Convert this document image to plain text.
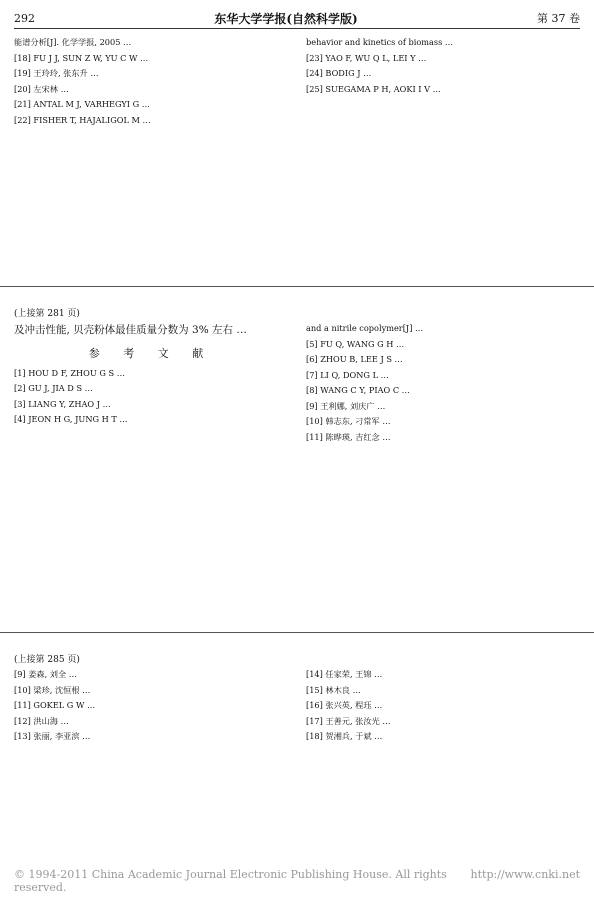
292	东华大学学报(自然科学版)	第 37 卷
能谱分析[J]. 化学学报, 2005 …
[18] FU J J, SUN Z W, YU C W …
[19] 王玲玲, 张东升 …
[20] 左宋林 …
[21] ANTAL M J, VARHEGYI G …
[22] FISHER T, HAJALIGOL M …
behavior and kinetics of biomass …
[23] YAO F, WU Q L, LEI Y …
[24] BODIG J …
[25] SUEGAMA P H, AOKI I V …
(上接第 281 页)
及冲击性能, 贝壳粉体最佳质量分数为 3% 左右 …
参 考 文 献
[1] HOU D F, ZHOU G S …
[2] GU J, JIA D S …
[3] LIANG Y, ZHAO J …
[4] JEON H G, JUNG H T …
and a nitrile copolymer[J] …
[5] FU Q, WANG G H …
[6] ZHOU B, LEE J S …
[7] LI Q, DONG L …
[8] WANG C Y, PIAO C …
[9] 王利娜, 刘庆广 …
[10] 韩志东, 刁常军 …
[11] 陈晔瑛, 吉红念 …
(上接第 285 页)
[9] 姜森, 刘全 …
[10] 梁珍, 沈恒根 …
[11] GOKEL G W …
[12] 洪山海 …
[13] 张丽, 李亚滨 …
[14] 任家荣, 王锦 …
[15] 林木良 …
[16] 张兴英, 程珏 …
[17] 王善元, 张汝光 …
[18] 贺湘兵, 于斌 …
© 1994-2011 China Academic Journal Electronic Publishing House. All rights reserved.
http://www.cnki.net
